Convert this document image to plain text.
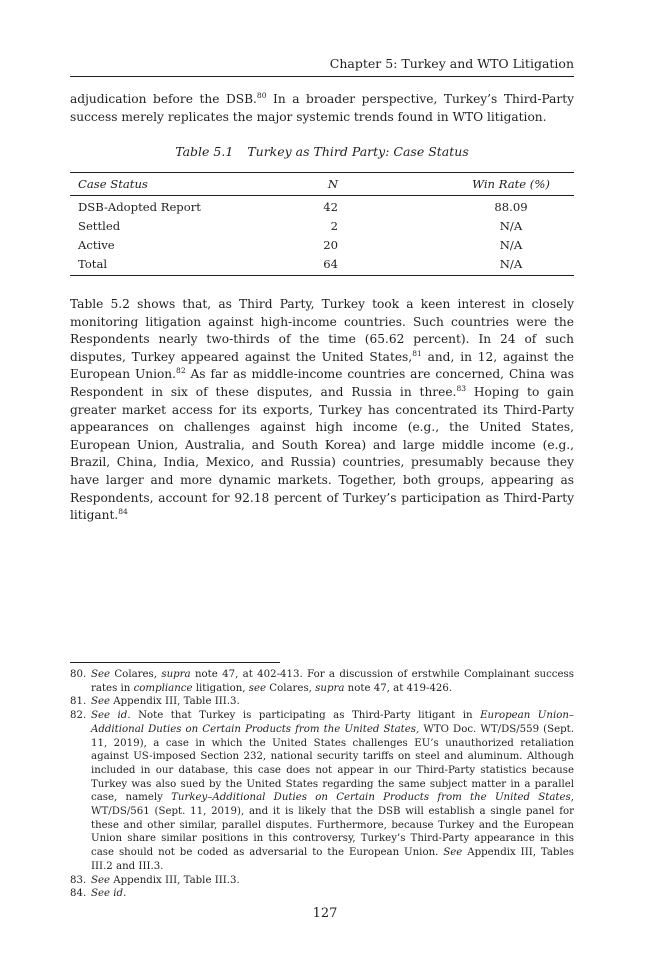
Chapter 5: Turkey and WTO Litigation

adjudication before the DSB.$^{80}$ In a broader perspective, Turkey’s Third-Party success merely replicates the major systemic trends found in WTO litigation.

Table 5.1 Turkey as Third Party: Case Status
Case Status	N	Win Rate (%)
DSB-Adopted Report	42	88.09
Settled	2	N/A
Active	20	N/A
Total	64	N/A

Table 5.2 shows that, as Third Party, Turkey took a keen interest in closely monitoring litigation against high-income countries. Such countries were the Respondents nearly two-thirds of the time (65.62 percent). In 24 of such disputes, Turkey appeared against the United States,$^{81}$ and, in 12, against the European Union.$^{82}$ As far as middle-income countries are concerned, China was Respondent in six of these disputes, and Russia in three.$^{83}$ Hoping to gain greater market access for its exports, Turkey has concentrated its Third-Party appearances on challenges against high income (e.g., the United States, European Union, Australia, and South Korea) and large middle income (e.g., Brazil, China, India, Mexico, and Russia) countries, presumably because they have larger and more dynamic markets. Together, both groups, appearing as Respondents, account for 92.18 percent of Turkey’s participation as Third-Party litigant.$^{84}$

80. See Colares, supra note 47, at 402-413. For a discussion of erstwhile Complainant success rates in compliance litigation, see Colares, supra note 47, at 419-426.

81. See Appendix III, Table III.3.

82. See id. Note that Turkey is participating as Third-Party litigant in European Union–Additional Duties on Certain Products from the United States, WTO Doc. WT/DS/559 (Sept. 11, 2019), a case in which the United States challenges EU’s unauthorized retaliation against US-imposed Section 232, national security tariffs on steel and aluminum. Although included in our database, this case does not appear in our Third-Party statistics because Turkey was also sued by the United States regarding the same subject matter in a parallel case, namely Turkey–Additional Duties on Certain Products from the United States, WT/DS/561 (Sept. 11, 2019), and it is likely that the DSB will establish a single panel for these and other similar, parallel disputes. Furthermore, because Turkey and the European Union share similar positions in this controversy, Turkey’s Third-Party appearance in this case should not be coded as adversarial to the European Union. See Appendix III, Tables III.2 and III.3.

83. See Appendix III, Table III.3.

84. See id.

127
